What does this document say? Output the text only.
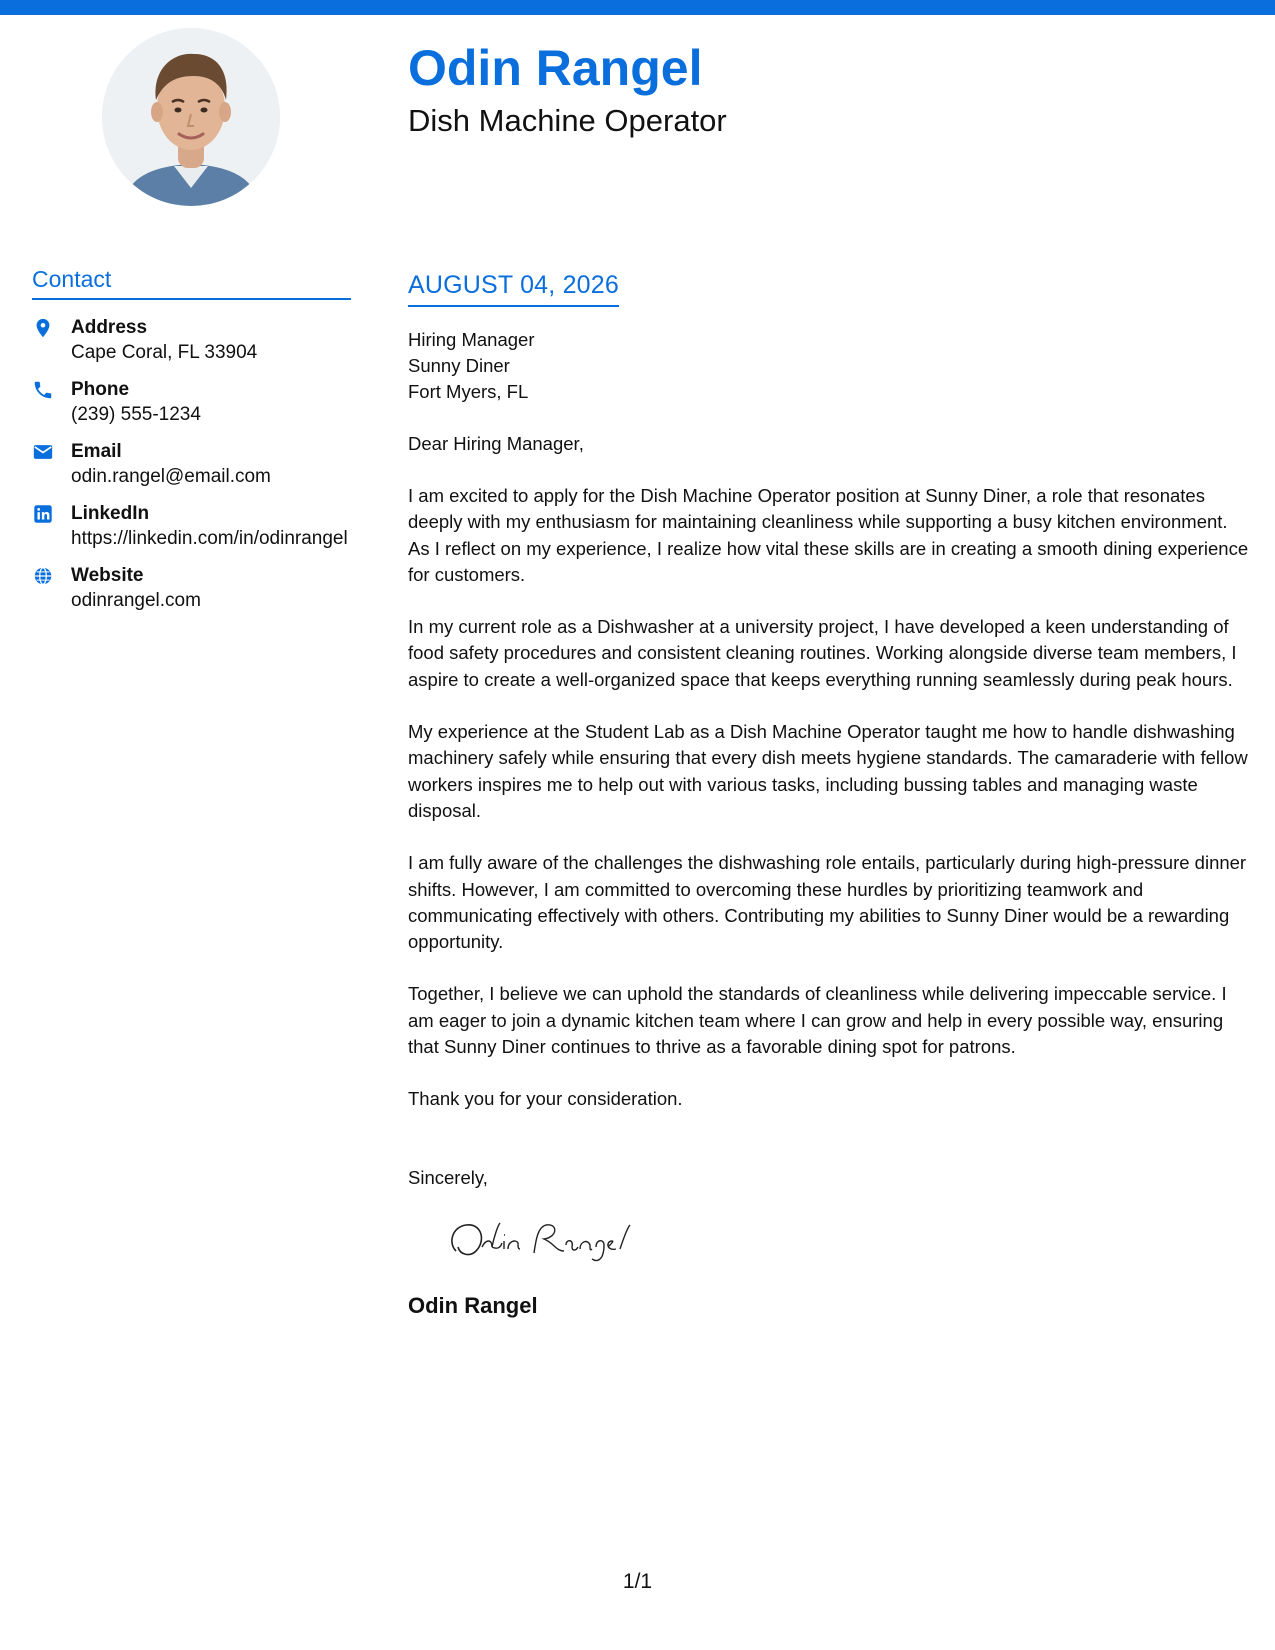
Odin Rangel
Dish Machine Operator
Contact
Address
Cape Coral, FL 33904
Phone
(239) 555-1234
Email
odin.rangel@email.com
LinkedIn
https://linkedin.com/in/odinrangel
Website
odinrangel.com
AUGUST 04, 2026
Hiring Manager
Sunny Diner
Fort Myers, FL

Dear Hiring Manager,

I am excited to apply for the Dish Machine Operator position at Sunny Diner, a role that resonates deeply with my enthusiasm for maintaining cleanliness while supporting a busy kitchen environment. As I reflect on my experience, I realize how vital these skills are in creating a smooth dining experience for customers.

In my current role as a Dishwasher at a university project, I have developed a keen understanding of food safety procedures and consistent cleaning routines. Working alongside diverse team members, I aspire to create a well-organized space that keeps everything running seamlessly during peak hours.

My experience at the Student Lab as a Dish Machine Operator taught me how to handle dishwashing machinery safely while ensuring that every dish meets hygiene standards. The camaraderie with fellow workers inspires me to help out with various tasks, including bussing tables and managing waste disposal.

I am fully aware of the challenges the dishwashing role entails, particularly during high-pressure dinner shifts. However, I am committed to overcoming these hurdles by prioritizing teamwork and communicating effectively with others. Contributing my abilities to Sunny Diner would be a rewarding opportunity.

Together, I believe we can uphold the standards of cleanliness while delivering impeccable service. I am eager to join a dynamic kitchen team where I can grow and help in every possible way, ensuring that Sunny Diner continues to thrive as a favorable dining spot for patrons.

Thank you for your consideration.

Sincerely,

Odin Rangel

1/1
